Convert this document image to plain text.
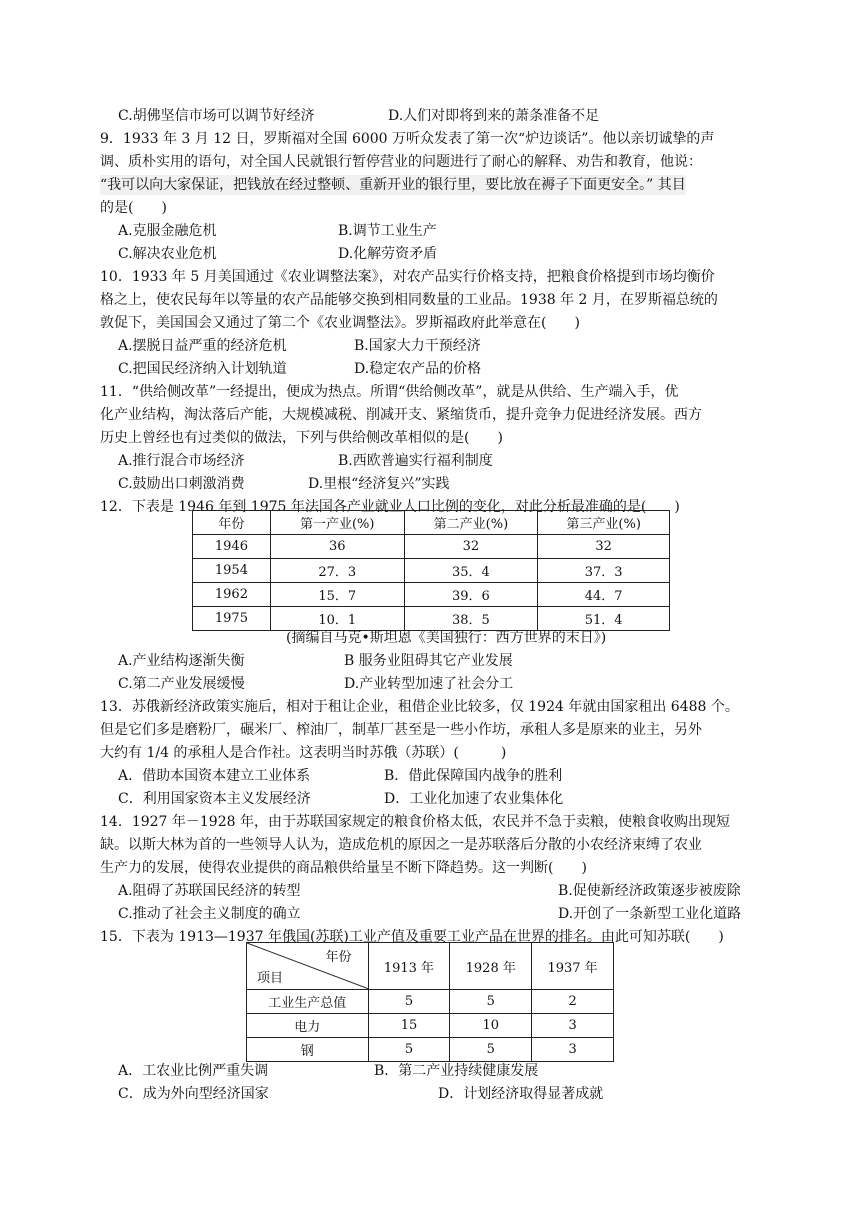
C.胡佛坚信市场可以调节好经济	D.人们对即将到来的萧条准备不足
9．1933 年 3 月 12 日，罗斯福对全国 6000 万听众发表了第一次“炉边谈话”。他以亲切诚挚的声
调、质朴实用的语句，对全国人民就银行暂停营业的问题进行了耐心的解释、劝告和教育，他说：
“我可以向大家保证，把钱放在经过整顿、重新开业的银行里，要比放在褥子下面更安全。” 其目
的是(　　)
A.克服金融危机	B.调节工业生产
C.解决农业危机	D.化解劳资矛盾
10．1933 年 5 月美国通过《农业调整法案》，对农产品实行价格支持，把粮食价格提到市场均衡价
格之上，使农民每年以等量的农产品能够交换到相同数量的工业品。1938 年 2 月，在罗斯福总统的
敦促下，美国国会又通过了第二个《农业调整法》。罗斯福政府此举意在(　　)
A.摆脱日益严重的经济危机	B.国家大力干预经济
C.把国民经济纳入计划轨道	D.稳定农产品的价格
11．“供给侧改革”一经提出，便成为热点。所谓“供给侧改革”，就是从供给、生产端入手，优
化产业结构，淘汰落后产能，大规模减税、削减开支、紧缩货币，提升竞争力促进经济发展。西方
历史上曾经也有过类似的做法，下列与供给侧改革相似的是(　　)
A.推行混合市场经济	B.西欧普遍实行福利制度
C.鼓励出口刺激消费	D.里根“经济复兴”实践
12．下表是 1946 年到 1975 年法国各产业就业人口比例的变化，对此分析最准确的是(　　)
年份	第一产业(%)	第二产业(%)	第三产业(%)
1946	36	32	32
1954	27．3	35．4	37．3
1962	15．7	39．6	44．7
1975	10．1	38．5	51．4
(摘编自马克•斯坦恩《美国独行：西方世界的末日》)
A.产业结构逐渐失衡	B 服务业阻碍其它产业发展
C.第二产业发展缓慢	D.产业转型加速了社会分工
13．苏俄新经济政策实施后，相对于租让企业，租借企业比较多，仅 1924 年就由国家租出 6488 个。
但是它们多是磨粉厂，碾米厂、榨油厂，制革厂甚至是一些小作坊，承租人多是原来的业主，另外
大约有 1/4 的承租人是合作社。这表明当时苏俄（苏联）(　　　)
A．借助本国资本建立工业体系	B．借此保障国内战争的胜利
C．利用国家资本主义发展经济	D．工业化加速了农业集体化
14．1927 年－1928 年，由于苏联国家规定的粮食价格太低，农民并不急于卖粮，使粮食收购出现短
缺。以斯大林为首的一些领导人认为，造成危机的原因之一是苏联落后分散的小农经济束缚了农业
生产力的发展，使得农业提供的商品粮供给量呈不断下降趋势。这一判断(　　)
A.阻碍了苏联国民经济的转型	B.促使新经济政策逐步被废除
C.推动了社会主义制度的确立	D.开创了一条新型工业化道路
15．下表为 1913—1937 年俄国(苏联)工业产值及重要工业产品在世界的排名。由此可知苏联(　　)
年份
项目	1913 年	1928 年	1937 年
工业生产总值	5	5	2
电力	15	10	3
钢	5	5	3
A．工农业比例严重失调	B．第二产业持续健康发展
C．成为外向型经济国家	D．计划经济取得显著成就
